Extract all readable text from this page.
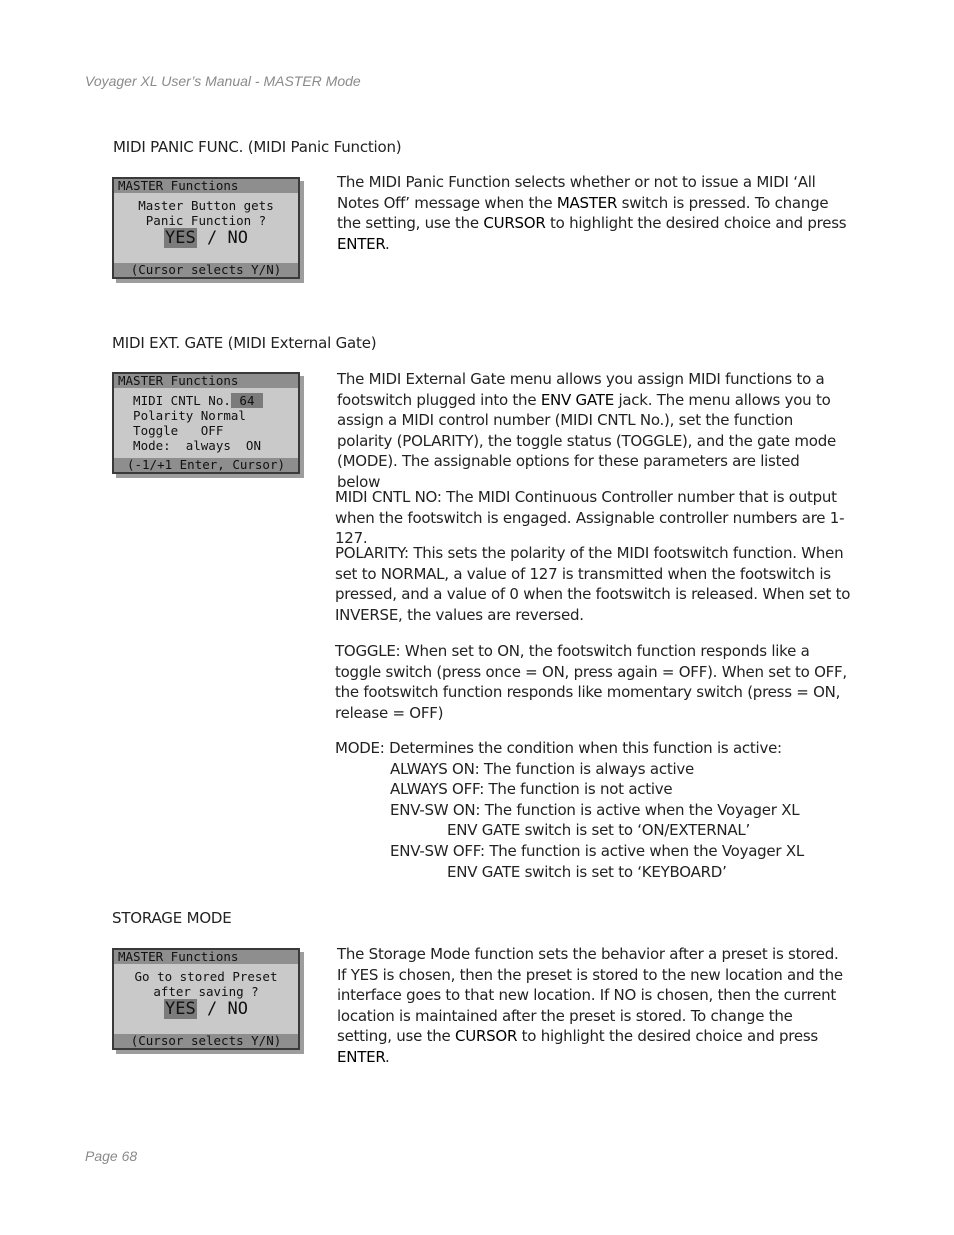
Voyager XL User’s Manual - MASTER Mode
MIDI PANIC FUNC. (MIDI Panic Function)
MASTER Functions
Master Button gets
Panic Function ?
YES / NO
(Cursor selects Y/N)

The MIDI Panic Function selects whether or not to issue a MIDI ‘All Notes Off’ message when the MASTER switch is pressed. To change the setting, use the CURSOR to highlight the desired choice and press ENTER.

MIDI EXT. GATE (MIDI External Gate)
MASTER Functions
MIDI CNTL No. 64
Polarity Normal
Toggle   OFF
Mode:  always  ON
(-1/+1 Enter, Cursor)

The MIDI External Gate menu allows you assign MIDI functions to a footswitch plugged into the ENV GATE jack. The menu allows you to assign a MIDI control number (MIDI CNTL No.), set the function polarity (POLARITY), the toggle status (TOGGLE), and the gate mode (MODE). The assignable options for these parameters are listed below

MIDI CNTL NO: The MIDI Continuous Controller number that is output when the footswitch is engaged. Assignable controller numbers are 1-127.

POLARITY: This sets the polarity of the MIDI footswitch function. When set to NORMAL, a value of 127 is transmitted when the footswitch is pressed, and a value of 0 when the footswitch is released. When set to INVERSE, the values are reversed.

TOGGLE: When set to ON, the footswitch function responds like a toggle switch (press once = ON, press again = OFF). When set to OFF, the footswitch function responds like momentary switch (press = ON,

release = OFF)

MODE: Determines the condition when this function is active:

ALWAYS ON: The function is always active

ALWAYS OFF: The function is not active

ENV-SW ON: The function is active when the Voyager XL

ENV GATE switch is set to ‘ON/EXTERNAL’

ENV-SW OFF: The function is active when the Voyager XL

ENV GATE switch is set to ‘KEYBOARD’

STORAGE MODE
MASTER Functions
Go to stored Preset
after saving ?
YES / NO
(Cursor selects Y/N)

The Storage Mode function sets the behavior after a preset is stored. If YES is chosen, then the preset is stored to the new location and the interface goes to that new location. If NO is chosen, then the current location is maintained after the preset is stored. To change the setting, use the CURSOR to highlight the desired choice and press ENTER.

Page 68
